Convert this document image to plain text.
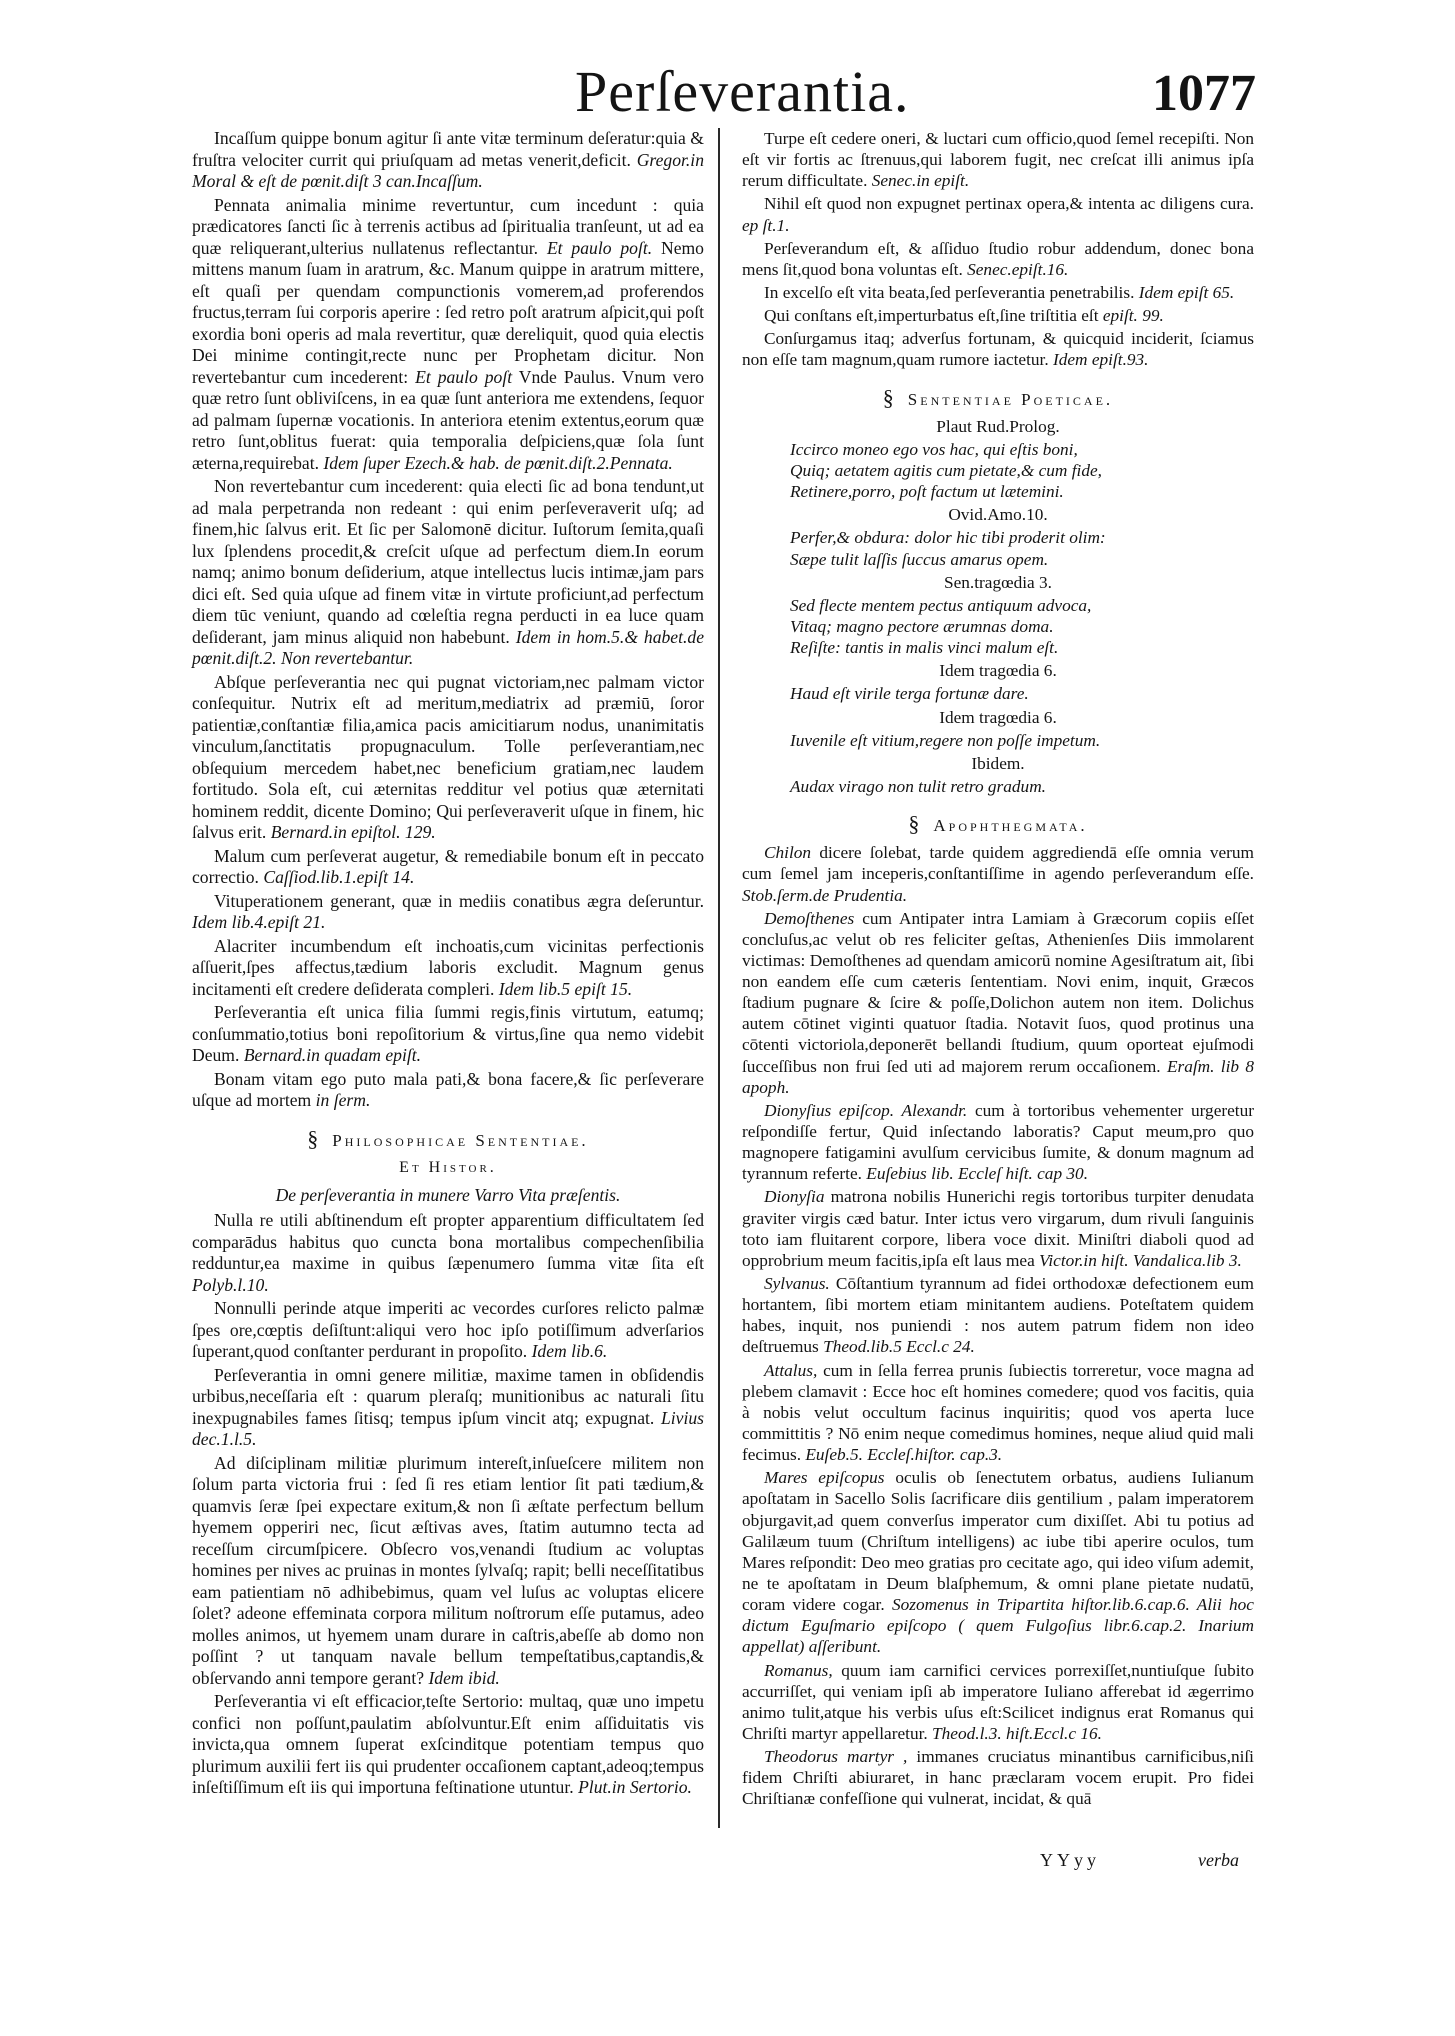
Perſeverantia.	1077

Incaſſum quippe bonum agitur ſi ante vitæ terminum deſeratur:quia & fruſtra velociter currit qui priuſquam ad metas venerit,deficit. Gregor.in Moral & eſt de pœnit.diſt 3 can.Incaſſum.

Pennata animalia minime revertuntur, cum incedunt : quia prædicatores ſancti ſic à terrenis actibus ad ſpiritualia tranſeunt, ut ad ea quæ reliquerant,ulterius nullatenus reflectantur. Et paulo poſt. Nemo mittens manum ſuam in aratrum, &c. Manum quippe in aratrum mittere, eſt quaſi per quendam compunctionis vomerem,ad proferendos fructus,terram ſui corporis aperire : ſed retro poſt aratrum aſpicit,qui poſt exordia boni operis ad mala revertitur, quæ dereliquit, quod quia electis Dei minime contingit,recte nunc per Prophetam dicitur. Non revertebantur cum incederent: Et paulo poſt Vnde Paulus. Vnum vero quæ retro ſunt obliviſcens, in ea quæ ſunt anteriora me extendens, ſequor ad palmam ſupernæ vocationis. In anteriora etenim extentus,eorum quæ retro ſunt,oblitus fuerat: quia temporalia deſpiciens,quæ ſola ſunt æterna,requirebat. Idem ſuper Ezech.& hab. de pœnit.diſt.2.Pennata.

Non revertebantur cum incederent: quia electi ſic ad bona tendunt,ut ad mala perpetranda non redeant : qui enim perſeveraverit uſq; ad finem,hic ſalvus erit. Et ſic per Salomonē dicitur. Iuſtorum ſemita,quaſi lux ſplendens procedit,& creſcit uſque ad perfectum diem.In eorum namq; animo bonum deſiderium, atque intellectus lucis intimæ,jam pars dici eſt. Sed quia uſque ad finem vitæ in virtute proficiunt,ad perfectum diem tūc veniunt, quando ad cœleſtia regna perducti in ea luce quam deſiderant, jam minus aliquid non habebunt. Idem in hom.5.& habet.de pœnit.diſt.2. Non revertebantur.

Abſque perſeverantia nec qui pugnat victoriam,nec palmam victor conſequitur. Nutrix eſt ad meritum,mediatrix ad præmiū, ſoror patientiæ,conſtantiæ filia,amica pacis amicitiarum nodus, unanimitatis vinculum,ſanctitatis propugnaculum. Tolle perſeverantiam,nec obſequium mercedem habet,nec beneficium gratiam,nec laudem fortitudo. Sola eſt, cui æternitas redditur vel potius quæ æternitati hominem reddit, dicente Domino; Qui perſeveraverit uſque in finem, hic ſalvus erit. Bernard.in epiſtol. 129.

Malum cum perſeverat augetur, & remediabile bonum eſt in peccato correctio. Caſſiod.lib.1.epiſt 14.

Vituperationem generant, quæ in mediis conatibus ægra deſeruntur. Idem lib.4.epiſt 21.

Alacriter incumbendum eſt inchoatis,cum vicinitas perfectionis aſſuerit,ſpes affectus,tædium laboris excludit. Magnum genus incitamenti eſt credere deſiderata compleri. Idem lib.5 epiſt 15.

Perſeverantia eſt unica filia ſummi regis,finis virtutum, eatumq; conſummatio,totius boni repoſitorium & virtus,ſine qua nemo videbit Deum. Bernard.in quadam epiſt.

Bonam vitam ego puto mala pati,& bona facere,& ſic perſeverare uſque ad mortem in ſerm.

§ Philosophicae Sententiae.
Et Histor.
De perſeverantia in munere Varro Vita præſentis.

Nulla re utili abſtinendum eſt propter apparentium difficultatem ſed comparādus habitus quo cuncta bona mortalibus compechenſibilia redduntur,ea maxime in quibus ſæpenumero ſumma vitæ ſita eſt Polyb.l.10.

Nonnulli perinde atque imperiti ac vecordes curſores relicto palmæ ſpes ore,cœptis deſiſtunt:aliqui vero hoc ipſo potiſſimum adverſarios ſuperant,quod conſtanter perdurant in propoſito. Idem lib.6.

Perſeverantia in omni genere militiæ, maxime tamen in obſidendis urbibus,neceſſaria eſt : quarum pleraſq; munitionibus ac naturali ſitu inexpugnabiles fames ſitisq; tempus ipſum vincit atq; expugnat. Livius dec.1.l.5.

Ad diſciplinam militiæ plurimum intereſt,inſueſcere militem non ſolum parta victoria frui : ſed ſi res etiam lentior ſit pati tædium,& quamvis ſeræ ſpei expectare exitum,& non ſi æſtate perfectum bellum hyemem opperiri nec, ſicut æſtivas aves, ſtatim autumno tecta ad receſſum circumſpicere. Obſecro vos,venandi ſtudium ac voluptas homines per nives ac pruinas in montes ſylvaſq; rapit; belli neceſſitatibus eam patientiam nō adhibebimus, quam vel luſus ac voluptas elicere ſolet? adeone effeminata corpora militum noſtrorum eſſe putamus, adeo molles animos, ut hyemem unam durare in caſtris,abeſſe ab domo non poſſint ? ut tanquam navale bellum tempeſtatibus,captandis,& obſervando anni tempore gerant? Idem ibid.

Perſeverantia vi eſt efficacior,teſte Sertorio: multaq, quæ uno impetu confici non poſſunt,paulatim abſolvuntur.Eſt enim aſſiduitatis vis invicta,qua omnem ſuperat exſcinditque potentiam tempus quo plurimum auxilii fert iis qui prudenter occaſionem captant,adeoq;tempus inſeſtiſſimum eſt iis qui importuna feſtinatione utuntur. Plut.in Sertorio.

Turpe eſt cedere oneri, & luctari cum officio,quod ſemel recepiſti. Non eſt vir fortis ac ſtrenuus,qui laborem fugit, nec creſcat illi animus ipſa rerum difficultate. Senec.in epiſt.

Nihil eſt quod non expugnet pertinax opera,& intenta ac diligens cura. ep ſt.1.

Perſeverandum eſt, & aſſiduo ſtudio robur addendum, donec bona mens ſit,quod bona voluntas eſt. Senec.epiſt.16.

In excelſo eſt vita beata,ſed perſeverantia penetrabilis. Idem epiſt 65.

Qui conſtans eſt,imperturbatus eſt,ſine triſtitia eſt epiſt. 99.

Conſurgamus itaq; adverſus fortunam, & quicquid inciderit, ſciamus non eſſe tam magnum,quam rumore iactetur. Idem epiſt.93.

§ Sententiae Poeticae.
Plaut Rud.Prolog.
Iccirco moneo ego vos hac, qui eſtis boni,
Quiq; aetatem agitis cum pietate,& cum fide,
Retinere,porro, poſt factum ut lætemini.
Ovid.Amo.10.
Perfer,& obdura: dolor hic tibi proderit olim:
Sæpe tulit laſſis ſuccus amarus opem.
Sen.tragœdia 3.
Sed flecte mentem pectus antiquum advoca,
Vitaq; magno pectore ærumnas doma.
Reſiſte: tantis in malis vinci malum eſt.
Idem tragœdia 6.
Haud eſt virile terga fortunæ dare.
Idem tragœdia 6.
Iuvenile eſt vitium,regere non poſſe impetum.
Ibidem.
Audax virago non tulit retro gradum.
§ Apophthegmata.

Chilon dicere ſolebat, tarde quidem aggrediendā eſſe omnia verum cum ſemel jam inceperis,conſtantiſſime in agendo perſeverandum eſſe. Stob.ſerm.de Prudentia.

Demoſthenes cum Antipater intra Lamiam à Græcorum copiis eſſet concluſus,ac velut ob res feliciter geſtas, Athenienſes Diis immolarent victimas: Demoſthenes ad quendam amicorū nomine Agesiſtratum ait, ſibi non eandem eſſe cum cæteris ſententiam. Novi enim, inquit, Græcos ſtadium pugnare & ſcire & poſſe,Dolichon autem non item. Dolichus autem cōtinet viginti quatuor ſtadia. Notavit ſuos, quod protinus una cōtenti victoriola,deponerēt bellandi ſtudium, quum oporteat ejuſmodi ſucceſſibus non frui ſed uti ad majorem rerum occaſionem. Eraſm. lib 8 apoph.

Dionyſius epiſcop. Alexandr. cum à tortoribus vehementer urgeretur reſpondiſſe fertur, Quid inſectando laboratis? Caput meum,pro quo magnopere fatigamini avulſum cervicibus ſumite, & donum magnum ad tyrannum referte. Euſebius lib. Eccleſ hiſt. cap 30.

Dionyſia matrona nobilis Hunerichi regis tortoribus turpiter denudata graviter virgis cæd batur. Inter ictus vero virgarum, dum rivuli ſanguinis toto iam fluitarent corpore, libera voce dixit. Miniſtri diaboli quod ad opprobrium meum facitis,ipſa eſt laus mea Victor.in hiſt. Vandalica.lib 3.

Sylvanus. Cōſtantium tyrannum ad fidei orthodoxæ defectionem eum hortantem, ſibi mortem etiam minitantem audiens. Poteſtatem quidem habes, inquit, nos puniendi : nos autem patrum fidem non ideo deſtruemus Theod.lib.5 Eccl.c 24.

Attalus, cum in ſella ferrea prunis ſubiectis torreretur, voce magna ad plebem clamavit : Ecce hoc eſt homines comedere; quod vos facitis, quia à nobis velut occultum facinus inquiritis; quod vos aperta luce committitis ? Nō enim neque comedimus homines, neque aliud quid mali fecimus. Euſeb.5. Eccleſ.hiſtor. cap.3.

Mares epiſcopus oculis ob ſenectutem orbatus, audiens Iulianum apoſtatam in Sacello Solis ſacrificare diis gentilium , palam imperatorem objurgavit,ad quem converſus imperator cum dixiſſet. Abi tu potius ad Galilæum tuum (Chriſtum intelligens) ac iube tibi aperire oculos, tum Mares reſpondit: Deo meo gratias pro cecitate ago, qui ideo viſum ademit, ne te apoſtatam in Deum blaſphemum, & omni plane pietate nudatū, coram videre cogar. Sozomenus in Tripartita hiſtor.lib.6.cap.6. Alii hoc dictum Eguſmario epiſcopo ( quem Fulgoſius libr.6.cap.2. Inarium appellat) aſſeribunt.

Romanus, quum iam carnifici cervices porrexiſſet,nuntiuſque ſubito accurriſſet, qui veniam ipſi ab imperatore Iuliano afferebat id ægerrimo animo tulit,atque his verbis uſus eſt:Scilicet indignus erat Romanus qui Chriſti martyr appellaretur. Theod.l.3. hiſt.Eccl.c 16.

Theodorus martyr , immanes cruciatus minantibus carnificibus,niſi fidem Chriſti abiuraret, in hanc præclaram vocem erupit. Pro fidei Chriſtianæ confeſſione qui vulnerat, incidat, & quā

YYyy	verba
